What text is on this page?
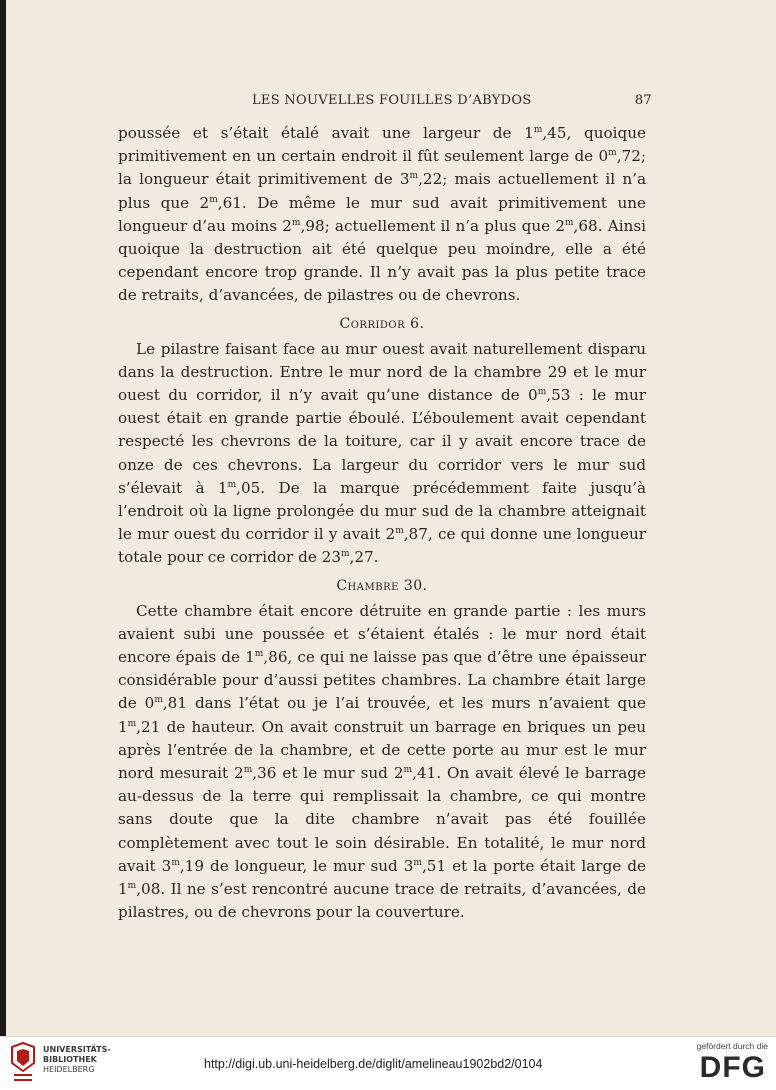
LES NOUVELLES FOUILLES D’ABYDOS	87

poussée et s’était étalé avait une largeur de 1$^m$,45, quoique primitivement en un certain endroit il fût seulement large de 0$^m$,72; la longueur était primitivement de 3$^m$,22; mais actuellement il n’a plus que 2$^m$,61. De même le mur sud avait primitivement une longueur d’au moins 2$^m$,98; actuellement il n’a plus que 2$^m$,68. Ainsi quoique la destruction ait été quelque peu moindre, elle a été cependant encore trop grande. Il n’y avait pas la plus petite trace de retraits, d’avancées, de pilastres ou de chevrons.

Corridor 6.

Le pilastre faisant face au mur ouest avait naturellement disparu dans la destruction. Entre le mur nord de la chambre 29 et le mur ouest du corridor, il n’y avait qu’une distance de 0$^m$,53 : le mur ouest était en grande partie éboulé. L’éboulement avait cependant respecté les chevrons de la toiture, car il y avait encore trace de onze de ces chevrons. La largeur du corridor vers le mur sud s’élevait à 1$^m$,05. De la marque précédemment faite jusqu’à l’endroit où la ligne prolongée du mur sud de la chambre atteignait le mur ouest du corridor il y avait 2$^m$,87, ce qui donne une longueur totale pour ce corridor de 23$^m$,27.

Chambre 30.

Cette chambre était encore détruite en grande partie : les murs avaient subi une poussée et s’étaient étalés : le mur nord était encore épais de 1$^m$,86, ce qui ne laisse pas que d’être une épaisseur considérable pour d’aussi petites chambres. La chambre était large de 0$^m$,81 dans l’état ou je l’ai trouvée, et les murs n’avaient que 1$^m$,21 de hauteur. On avait construit un barrage en briques un peu après l’entrée de la chambre, et de cette porte au mur est le mur nord mesurait 2$^m$,36 et le mur sud 2$^m$,41. On avait élevé le barrage au-dessus de la terre qui remplissait la chambre, ce qui montre sans doute que la dite chambre n’avait pas été fouillée complètement avec tout le soin désirable. En totalité, le mur nord avait 3$^m$,19 de longueur, le mur sud 3$^m$,51 et la porte était large de 1$^m$,08. Il ne s’est rencontré aucune trace de retraits, d’avancées, de pilastres, ou de chevrons pour la couverture.

UNIVERSITÄTS-
BIBLIOTHEK
HEIDELBERG	http://digi.ub.uni-heidelberg.de/diglit/amelineau1902bd2/0104
gefördert durch die
DFG
